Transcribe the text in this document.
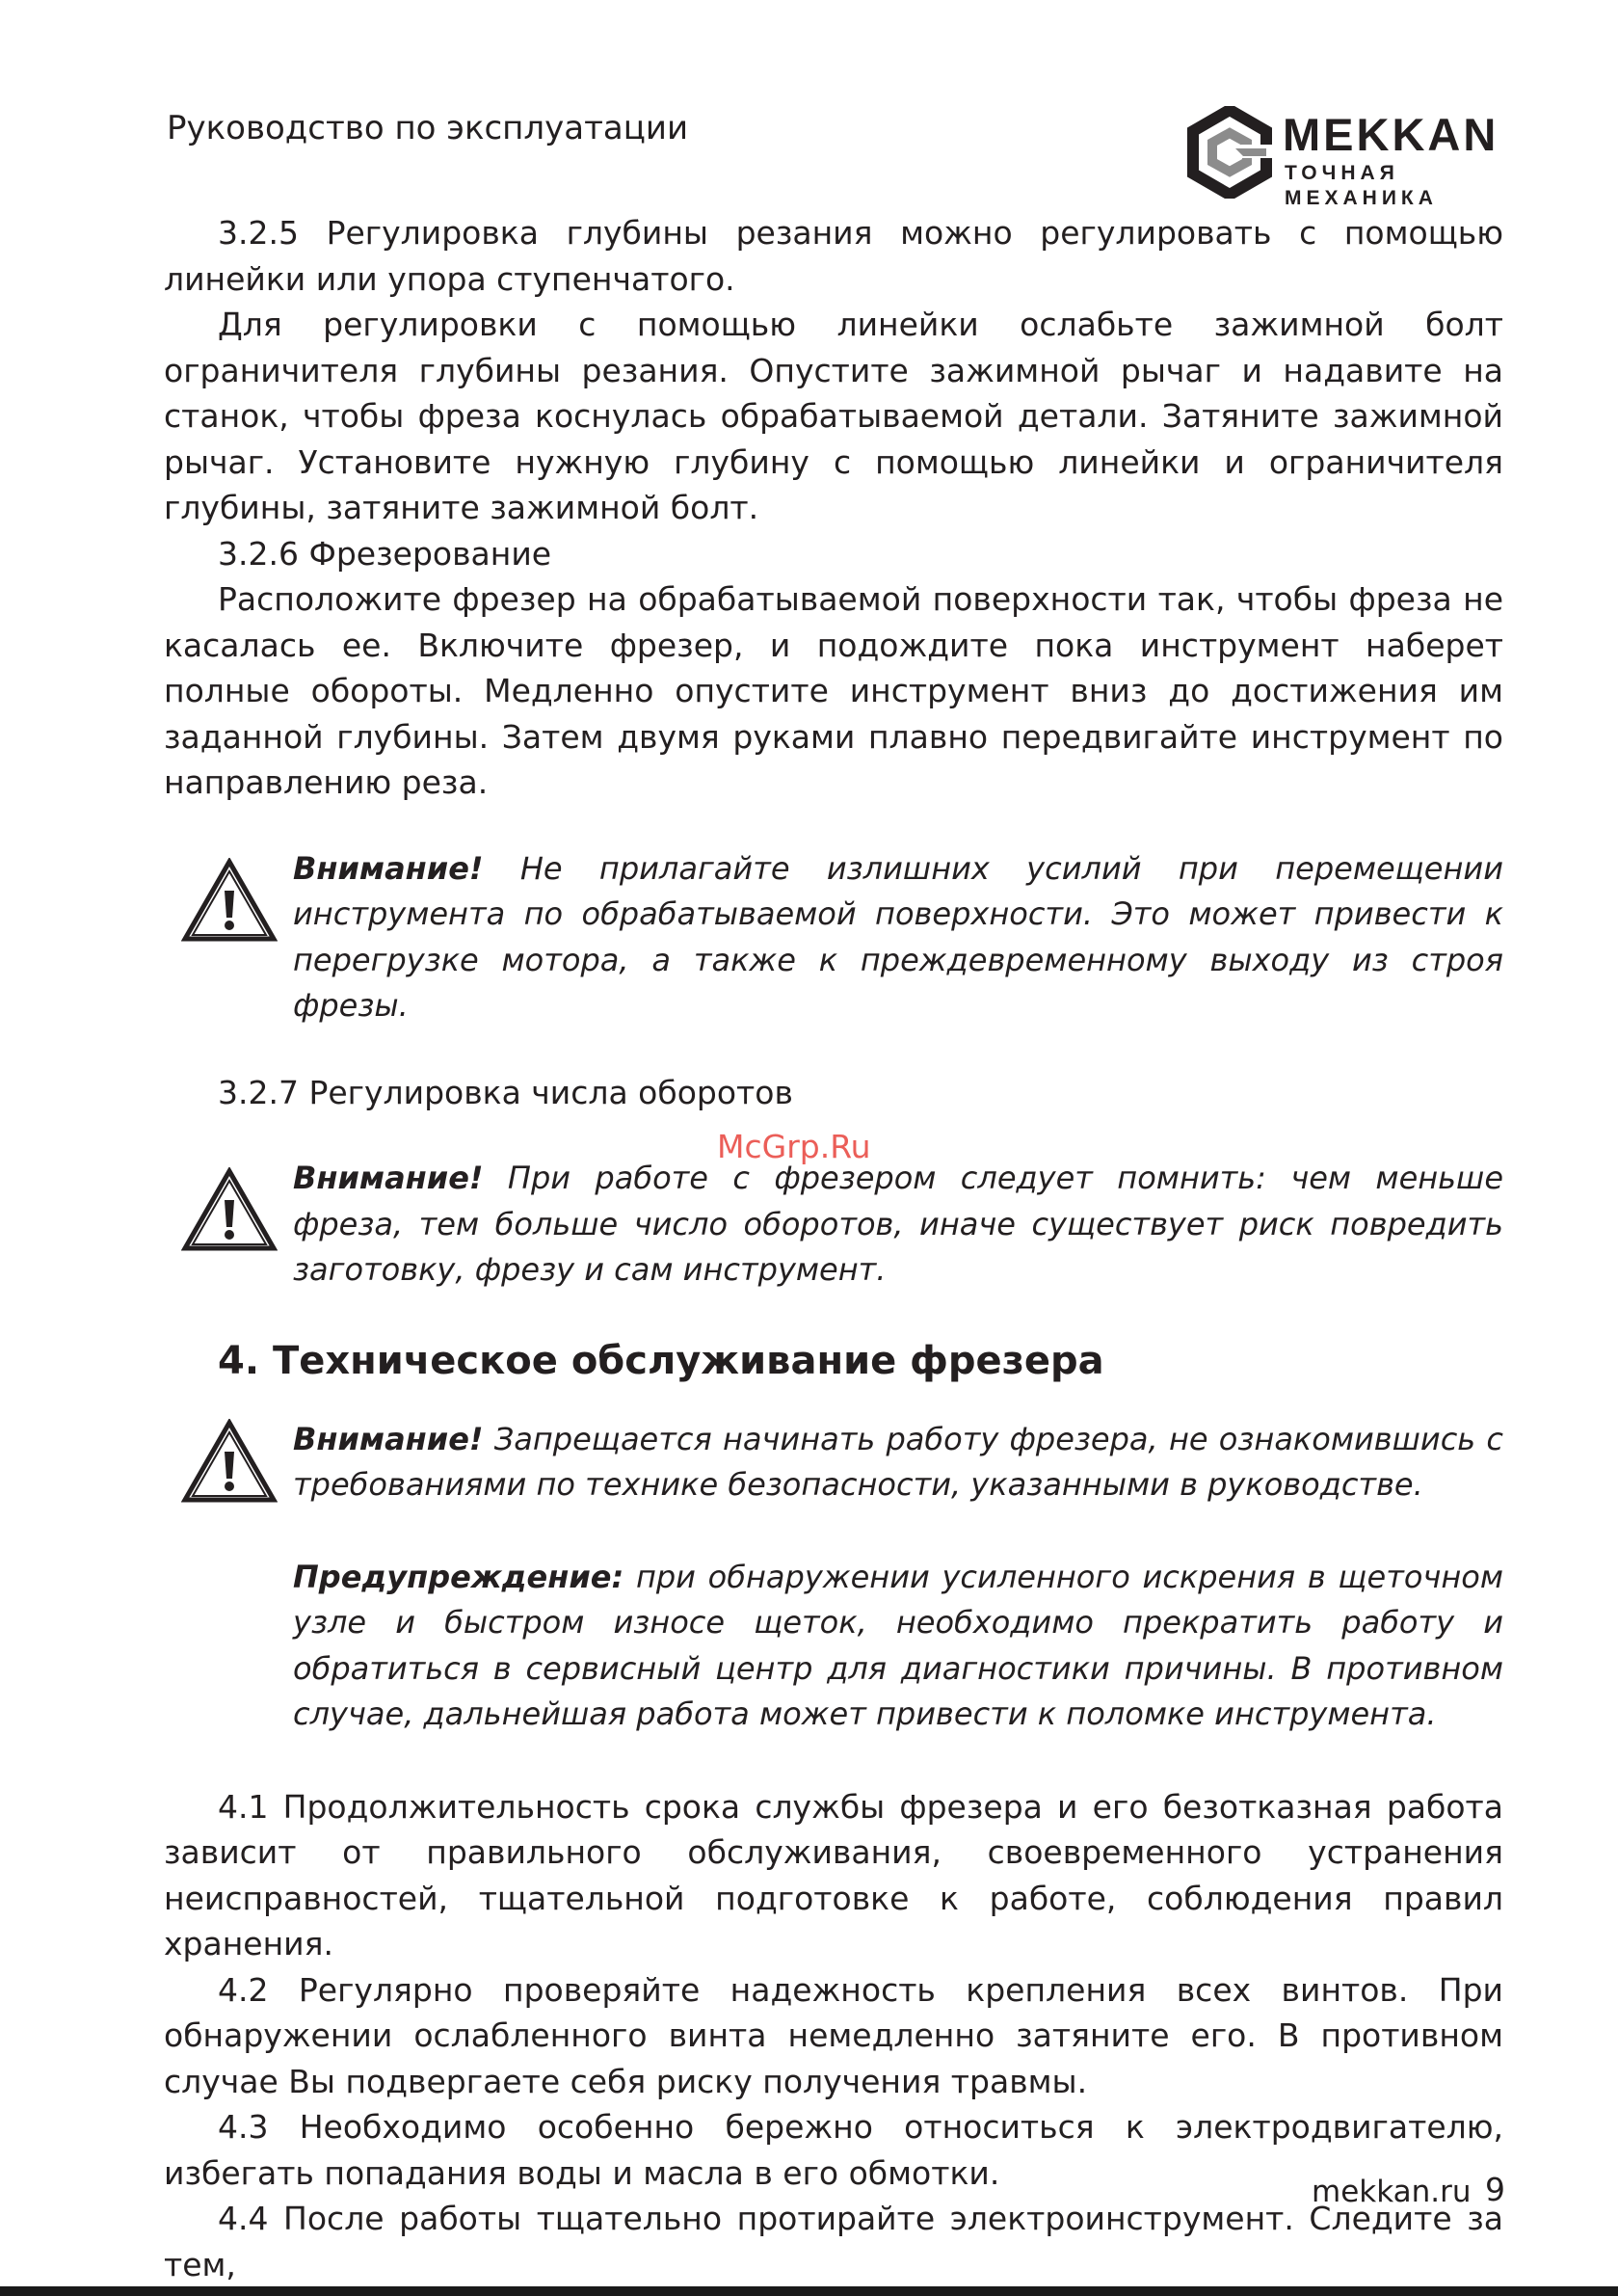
Руководство по эксплуатации	MEKKAN
ТОЧНАЯ МЕХАНИКА

3.2.5 Регулировка глубины резания можно регулировать с помощью линейки или упора ступенчатого.

Для регулировки с помощью линейки ослабьте зажимной болт ограничителя глубины резания. Опустите зажимной рычаг и надавите на станок, чтобы фреза коснулась обрабатываемой детали. Затяните зажимной рычаг. Установите нужную глубину с помощью линейки и ограничителя глубины, затяните зажимной болт.

3.2.6 Фрезерование

Расположите фрезер на обрабатываемой поверхности так, чтобы фреза не касалась ее. Включите фрезер, и подождите пока инструмент наберет полные обороты. Медленно опустите инструмент вниз до достижения им заданной глубины. Затем двумя руками плавно передвигайте инструмент по направлению реза.

Внимание! Не прилагайте излишних усилий при перемещении инструмента по обрабатываемой поверхности. Это может привести к перегрузке мотора, а также к преждевременному выходу из строя фрезы.

3.2.7 Регулировка числа оборотов

Внимание! При работе с фрезером следует помнить: чем меньше фреза, тем больше число оборотов, иначе существует риск повредить заготовку, фрезу и сам инструмент.

4. Техническое обслуживание фрезера

Внимание! Запрещается начинать работу фрезера, не ознакомившись с требованиями по технике безопасности, указанными в руководстве.

Предупреждение: при обнаружении усиленного искрения в щеточном узле и быстром износе щеток, необходимо прекратить работу и обратиться в сервисный центр для диагностики причины. В противном случае, дальнейшая работа может привести к поломке инструмента.

4.1 Продолжительность срока службы фрезера и его безотказная работа зависит от правильного обслуживания, своевременного устранения неисправностей, тщательной подготовке к работе, соблюдения правил хранения.

4.2 Регулярно проверяйте надежность крепления всех винтов. При обнаружении ослабленного винта немедленно затяните его. В противном случае Вы подвергаете себя риску получения травмы.

4.3 Необходимо особенно бережно относиться к электродвигателю, избегать попадания воды и масла в его обмотки.

4.4 После работы тщательно протирайте электроинструмент. Следите за тем,

McGrp.Ru
mekkan.ru 9
